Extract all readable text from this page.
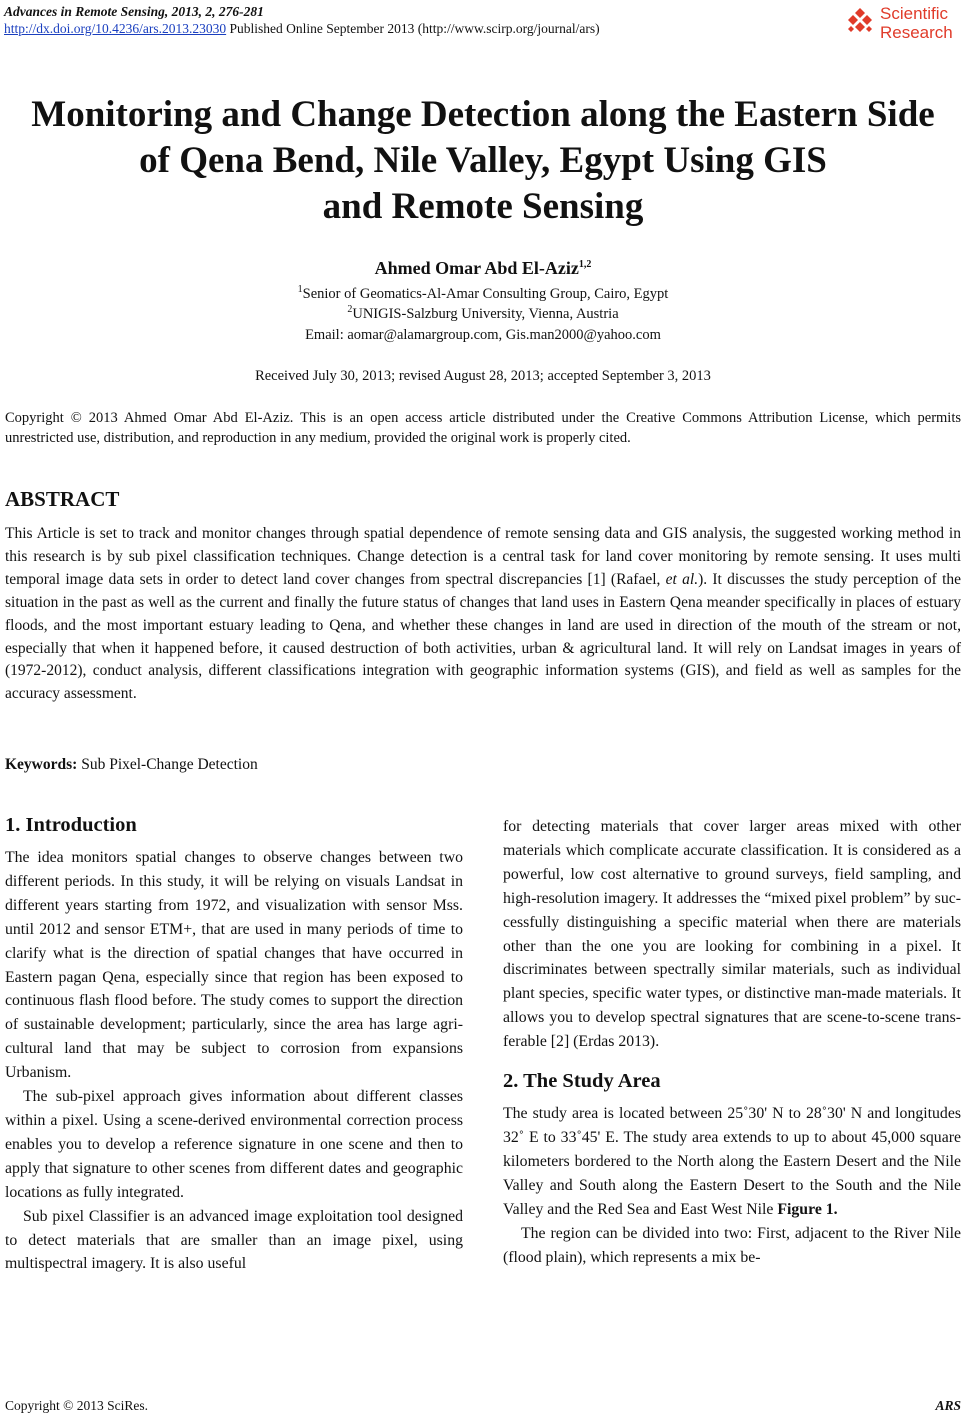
Advances in Remote Sensing, 2013, 2, 276-281
http://dx.doi.org/10.4236/ars.2013.23030 Published Online September 2013 (http://www.scirp.org/journal/ars)
Scientific
Research
Monitoring and Change Detection along the Eastern Side
of Qena Bend, Nile Valley, Egypt Using GIS
and Remote Sensing
Ahmed Omar Abd El-Aziz$^{1,2}$
$^1$Senior of Geomatics-Al-Amar Consulting Group, Cairo, Egypt
$^2$UNIGIS-Salzburg University, Vienna, Austria
Email: aomar@alamargroup.com, Gis.man2000@yahoo.com
Received July 30, 2013; revised August 28, 2013; accepted September 3, 2013
Copyright © 2013 Ahmed Omar Abd El-Aziz. This is an open access article distributed under the Creative Commons Attribution License, which permits unrestricted use, distribution, and reproduction in any medium, provided the original work is properly cited.
ABSTRACT

This Article is set to track and monitor changes through spatial dependence of remote sensing data and GIS analysis, the suggested working method in this research is by sub pixel classification techniques. Change detection is a central task for land cover monitoring by remote sensing. It uses multi temporal image data sets in order to detect land cover changes from spectral discrepancies [1] (Rafael, et al.). It discusses the study perception of the situation in the past as well as the current and finally the future status of changes that land uses in Eastern Qena meander specifically in places of estuary floods, and the most important estuary leading to Qena, and whether these changes in land are used in direction of the mouth of the stream or not, especially that when it happened before, it caused destruction of both activities, urban & agricultural land. It will rely on Landsat images in years of (1972-2012), conduct analysis, different classifications integration with geographic information systems (GIS), and field as well as samples for the accuracy assessment.

Keywords: Sub Pixel-Change Detection
1. Introduction

The idea monitors spatial changes to observe changes between two different periods. In this study, it will be relying on visuals Landsat in different years starting from 1972, and visualization with sensor Mss. until 2012 and sensor ETM+, that are used in many periods of time to clarify what is the direction of spatial changes that have occurred in Eastern pagan Qena, especially since that region has been exposed to continuous flash flood before. The study comes to support the direction of sustainable development; particularly, since the area has large agricultural land that may be subject to corrosion from expansions Urbanism.

The sub-pixel approach gives information about different classes within a pixel. Using a scene-derived environmental correction process enables you to develop a reference signature in one scene and then to apply that signature to other scenes from different dates and geographic locations as fully integrated.

Sub pixel Classifier is an advanced image exploitation tool designed to detect materials that are smaller than an image pixel, using multispectral imagery. It is also useful

for detecting materials that cover larger areas mixed with other materials which complicate accurate classification. It is considered as a powerful, low cost alternative to ground surveys, field sampling, and high-resolution imagery. It addresses the “mixed pixel problem” by successfully distinguishing a specific material when there are materials other than the one you are looking for combining in a pixel. It discriminates between spectrally similar materials, such as individual plant species, specific water types, or distinctive man-made materials. It allows you to develop spectral signatures that are scene-to-scene transferable [2] (Erdas 2013).

2. The Study Area

The study area is located between 25˚30' N to 28˚30' N and longitudes 32˚ E to 33˚45' E. The study area extends to up to about 45,000 square kilometers bordered to the North along the Eastern Desert and the Nile Valley and South along the Eastern Desert to the South and the Nile Valley and the Red Sea and East West Nile Figure 1.

The region can be divided into two: First, adjacent to the River Nile (flood plain), which represents a mix be-

Copyright © 2013 SciRes.	ARS
